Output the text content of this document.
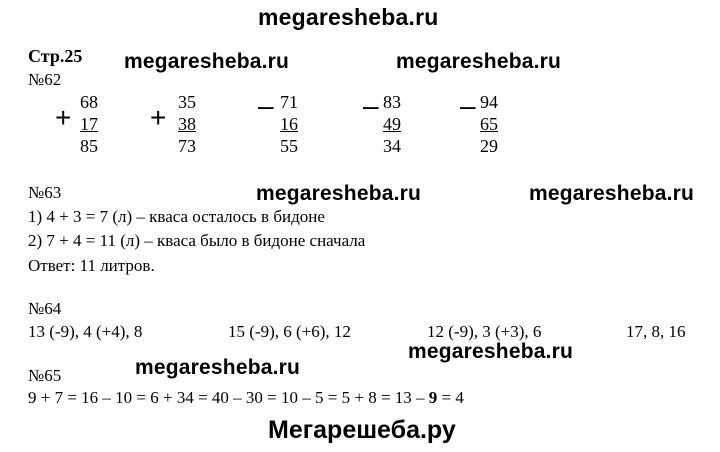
megaresheba.ru
megaresheba.ru	megaresheba.ru
megaresheba.ru	megaresheba.ru
megaresheba.ru
megaresheba.ru
Мегарешеба.ру
Стр.25
№62
+ 68
17
85
+ 35
38
73
– 71
16
55
– 83
49
34
– 94
65
29
№63
1) 4 + 3 = 7 (л) – кваса осталось в бидоне
2) 7 + 4 = 11 (л) – кваса было в бидоне сначала
Ответ: 11 литров.
№64
13 (-9), 4 (+4), 8	15 (-9), 6 (+6), 12	12 (-9), 3 (+3), 6	17, 8, 16
№65
9 + 7 = 16 – 10 = 6 + 34 = 40 – 30 = 10 – 5 = 5 + 8 = 13 – 9 = 4
